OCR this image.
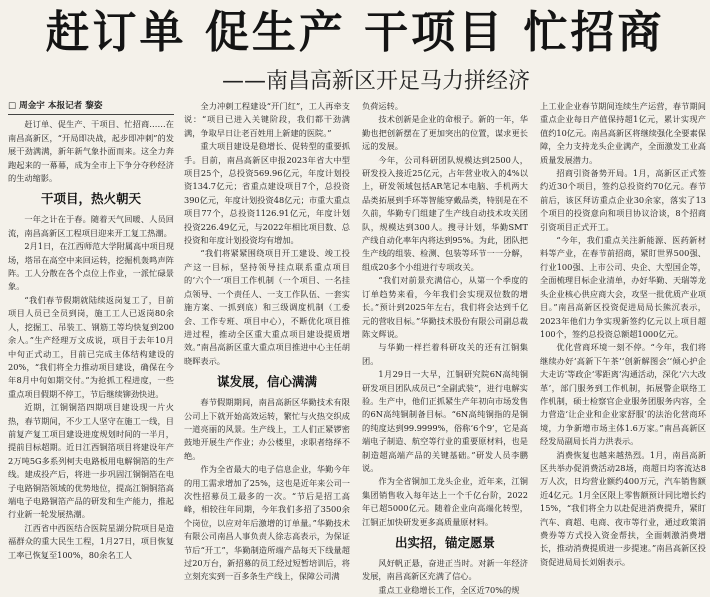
赶订单 促生产 干项目 忙招商
——南昌高新区开足马力拼经济
□ 周金宇 本报记者 黎姿

赶订单、促生产、干项目、忙招商……在南昌高新区，“开局即决战，起步即冲刺”的发展干劲满满，新年新气象扑面而来。这全力奔跑起来的一幕幕，成为全市上下争分夺秒经济的生动缩影。

干项目，热火朝天

一年之计在于春。随着天气回暖、人员回流，南昌高新区工程项目迎来开工复工热潮。

2月1日，在江西师范大学附属高中项目现场，塔吊在高空中来回运转，挖掘机轰鸣声阵阵。工人分散在各个点位上作业，一派忙碌景象。

“我们春节假期就陆续返岗复工了，目前项目人员已全员到岗，施工工人已返岗80余人，挖掘工、吊装工、钢筋工等均快复到200余人。”生产经理万文成说，项目于去年10月中旬正式动工，目前已完成主体结构建设的20%，“我们将全力推动项目建设，确保在今年8月中旬如期交付。”为抢抓工程进度，一些重点项目假期不停工，节后继续铆劲快进。

近期，江铜铜箔四期项目建设现一片火热，春节期间，不少工人坚守在施工一线，目前复产复工项目建设进度规划时间的一半月，提前目标超期。近日江西铜箔项目将建设年产2万吨5G多系列柯夫电路板用电解铜箔的生产线。建成投产后，将进一步巩固江铜铜箔在电子电路铜箔领域的优势地位，提高江铜铜箔高端电子电路铜箔产品的研发和生产能力，推起行业新一轮发展热潮。

江西省中西医结合医院星湖分院项目是造福群众的重大民生工程，1月27日，项目恢复工率已恢复至100%，80余名工人

全力冲刺工程建设“开门红”，工人再牵支说：“项目已进入关键阶段，我们都干劲满满，争取早日让老百姓用上新建的医院。”

重大项目建设是稳增长、促转型的重要抓手。目前，南昌高新区申报2023年省大中型项目25个，总投资569.96亿元，年度计划投资134.7亿元；省重点建设项目7个，总投资390亿元，年度计划投资48亿元；市重大重点项目77个，总投资1126.91亿元，年度计划投资226.49亿元，与2022年相比项目数、总投资和年度计划投资均有增加。

“我们将紧紧围绕项目开工建设、竣工投产这一目标，坚持领导挂点联系重点项目的‘六个一’项目工作机制（一个项目、一名挂点领导、一个责任人、一支工作队伍、一套实施方案、一抓到底）和三级调度机制（工委会、工作专班、项目中心），不断优化项目推进过程，推动全区重大重点项目建设提质增效。”南昌高新区重大重点项目推进中心主任胡晓晖表示。

谋发展，信心满满

春节假期期间，南昌高新区华勤技术有限公司上下就开始高效运转，繁忙与火热交织成一道亮丽的风景。生产线上，工人们正紧锣密鼓地开展生产作业；办公楼里，求职者络绎不绝。

作为全省最大的电子信息企业，华勤今年的用工需求增加了25%，这也是近年来公司一次性招募员工最多的一次。“节后是招工高峰，相较往年同期，今年我们多招了3500余个岗位，以应对年后激增的订单量。”华勤技术有限公司南昌人事负责人徐志高表示，为保证节后“开工”，华勤制造所端产品每天下线量超过20万台，新招募的员工经过短暂培训后，将立刻充实到一百多条生产线上，保障公司满

负荷运转。

技术创新是企业的命根子。新的一年，华勤也把创新摆在了更加突出的位置，谋求更长远的发展。

今年，公司科研团队规模达到2500人，研发投入接近25亿元，占年营业收入的4%以上，研发领域包括AR笔记本电脑、手机两大品类拓展到手环等智能穿戴品类，特别是在不久前，华勤专门组建了生产线自动技术攻关团队，规模达到300人。搜寻计划，华勤SMT产线自动化率年内将达到95%。为此，团队把生产线的组装、检测、包装等环节一一分解，组成20多个小组进行专项攻关。

“我们对前景充满信心，从第一个季度的订单趋势来看，今年我们会实现双位数的增长。”预计到2025年左右，我们将会达到千亿元的营收目标。”华勤技术股份有限公司副总裁陈文辉说。

与华勤一样拦着科研攻关的还有江铜集团。

1月29日一大早，江铜研究院6N高纯铜研发项目团队成员已“全副武装”，进行电解实验。生产中，他们正抓紧生产年初向市场发售的6N高纯铜制备目标。“6N高纯铜指的是铜的纯度达到99.9999%，俗称‘6个9’，它是高端电子制造、航空等行业的重要原材料，也是制造超高端产品的关键基础。”研发人员李鹏说。

作为全省铜加工龙头企业，近年来，江铜集团销售收入每年达上一个千亿台阶，2022年已超5000亿元。随着企业向高端化转型，江铜正加快研发更多高质量原材料。

出实招，锚定愿景

风好帆正悬，奋进正当时。对新一年经济发展，南昌高新区充满了信心。

重点工业稳增长工作，全区近70%的规

上工业企业春节期间连续生产运营，春节期间重点企业每日产值保持超1亿元，累计实现产值约10亿元。南昌高新区将继续强化全要素保障，全力支持龙头企业满产，全面激发工业高质量发展潜力。

招商引资备势开局。1月，高新区正式签约近30个项目，签约总投资约70亿元。春节前后，该区拜访重点企业30余家，落实了13个项目的投资意向和项目协议洽谈，8个招商引资项目正式开工。

“今年，我们重点关注新能源、医药新材料等产业，在春节前招商，紧盯世界500强、行业100强、上市公司、央企、大型国企等，全面梳理目标企业清单，办好华勤、天瑞等龙头企业核心供应商大会，攻坚一批优质产业项目。”南昌高新区投资促进局局长熊沉表示，2023年他们力争实现新签约亿元以上项目超100个，签约总投资总额超1000亿元。

优化营商环境一刻不停。“今年，我们将继续办好‘高新下午茶’‘创新解图会’‘倾心护企大走访’等政企‘零距离’沟通活动，深化‘六大改革’，部门服务到工作机制，拓展警企联络工作机制，硕士检察官企业服务团服务内容，全力营造‘让企业和企业家舒服’的法治化营商环境，力争新增市场主体1.6万家。”南昌高新区经发局副局长肖力洪表示。

消费恢复也越来越热烈。1月，南昌高新区共举办促消费活动28场，商超日均客流达8万人次，日均营业额约400万元，汽车销售额近4亿元。1月全区限上零售额预计同比增长约15%，“我们将全力以赴促进消费提升，紧盯汽车、商超、电商、夜市等行业，通过政策消费券等方式投入资金帮扶，全面刺激消费增长，推动消费提质进一步提速。”南昌高新区投资促进局局长刘娟表示。
